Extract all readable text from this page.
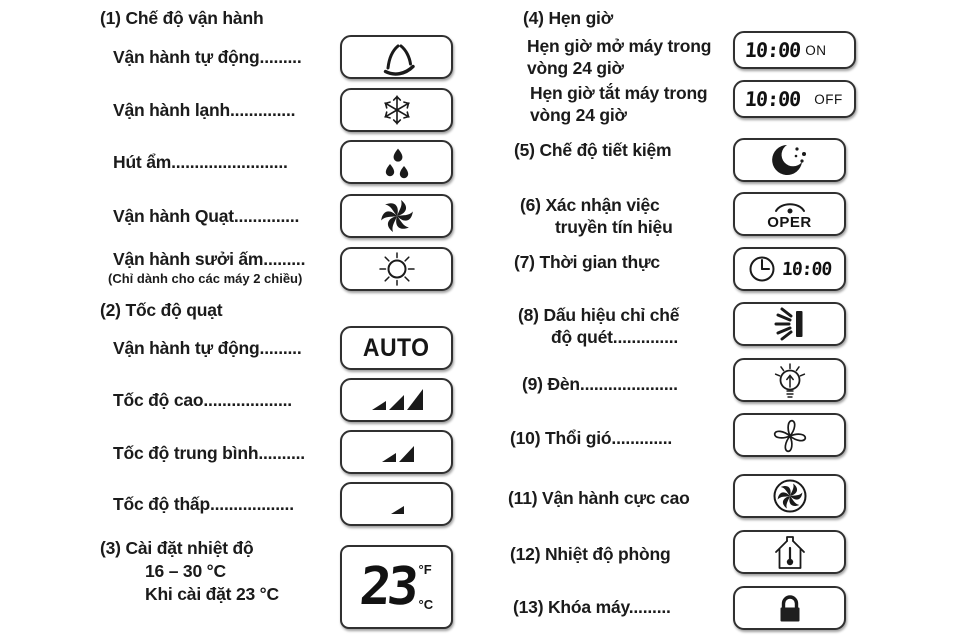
(1) Chế độ vận hành
Vận hành tự động.........
Vận hành lạnh..............
Hút ẩm.........................
Vận hành Quạt..............
Vận hành sưởi ấm.........
(Chỉ dành cho các máy 2 chiều)
(2) Tốc độ quạt
Vận hành tự động......... AUTO
Tốc độ cao...................
Tốc độ trung bình..........
Tốc độ thấp..................
(3) Cài đặt nhiệt độ
16 – 30 °C
Khi cài đặt 23 °C 23 °F
°C
(4) Hẹn giờ
Hẹn giờ mở máy trong
vòng 24 giờ
10:00 ON
Hẹn giờ tắt máy trong
vòng 24 giờ
10:00 OFF
(5) Chế độ tiết kiệm
(6) Xác nhận việc
truyền tín hiệu	OPER
(7) Thời gian thực	10:00
(8) Dấu hiệu chỉ chế
độ quét..............
(9) Đèn.....................
(10) Thổi gió.............
(11) Vận hành cực cao
(12) Nhiệt độ phòng
(13) Khóa máy.........
